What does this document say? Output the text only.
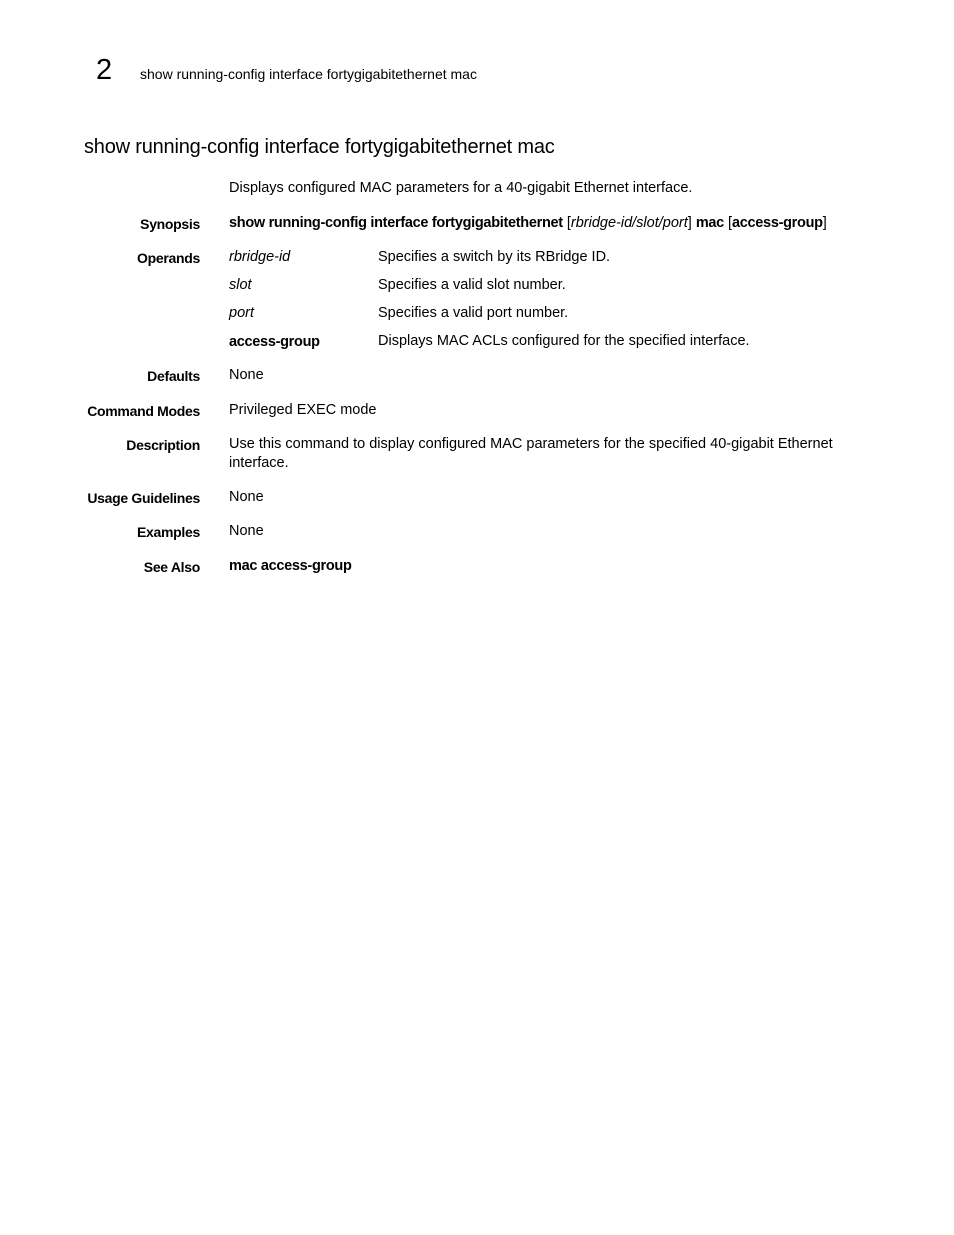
2 show running-config interface fortygigabitethernet mac
show running-config interface fortygigabitethernet mac
Displays configured MAC parameters for a 40-gigabit Ethernet interface.
Synopsis show running-config interface fortygigabitethernet [rbridge-id/slot/port] mac [access-group]
Operands rbridge-id	Specifies a switch by its RBridge ID.
slot	Specifies a valid slot number.
port	Specifies a valid port number.
access-group	Displays MAC ACLs configured for the specified interface.
Defaults None
Command Modes Privileged EXEC mode
Description Use this command to display configured MAC parameters for the specified 40-gigabit Ethernet interface.
Usage Guidelines None
Examples None
See Also mac access-group
